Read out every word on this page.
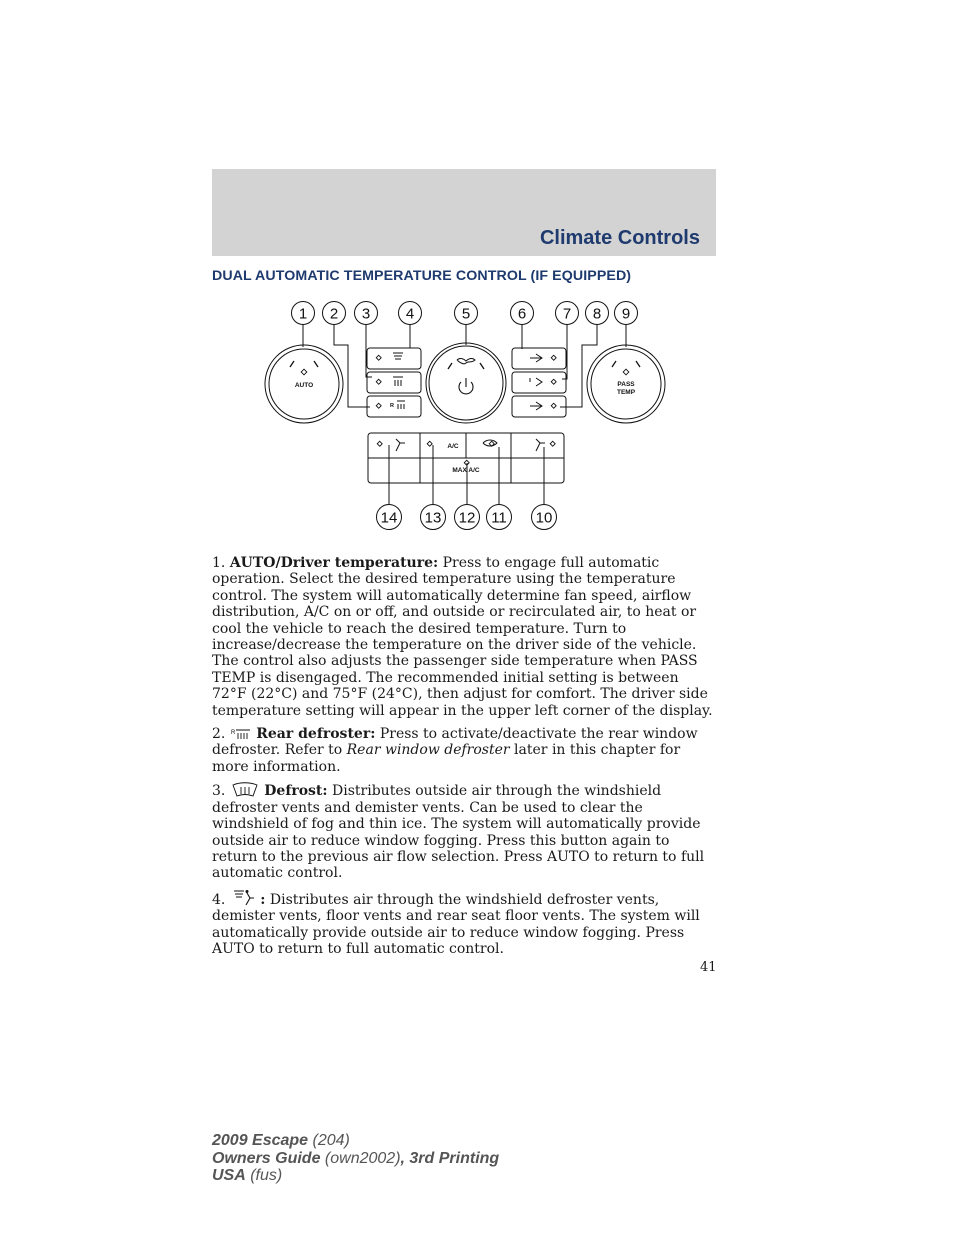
Climate Controls
DUAL AUTOMATIC TEMPERATURE CONTROL (IF EQUIPPED)
AUTO	PASS
TEMP
A/C
MAX A/C
R
1 2 3 4	5	6 7 8 9
14 13 12 11 10

1. AUTO/Driver temperature: Press to engage full automatic operation. Select the desired temperature using the temperature control. The system will automatically determine fan speed, airflow distribution, A/C on or off, and outside or recirculated air, to heat or cool the vehicle to reach the desired temperature. Turn to increase/decrease the temperature on the driver side of the vehicle. The control also adjusts the passenger side temperature when PASS TEMP is disengaged. The recommended initial setting is between 72°F (22°C) and 75°F (24°C), then adjust for comfort. The driver side temperature setting will appear in the upper left corner of the display.

2. R Rear defroster: Press to activate/deactivate the rear window defroster. Refer to Rear window defroster later in this chapter for more information.

3.	Defrost: Distributes outside air through the windshield defroster vents and demister vents. Can be used to clear the windshield of fog and thin ice. The system will automatically provide outside air to reduce window fogging. Press this button again to return to the previous air flow selection. Press AUTO to return to full automatic control.

4. : Distributes air through the windshield defroster vents, demister vents, floor vents and rear seat floor vents. The system will automatically provide outside air to reduce window fogging. Press AUTO to return to full automatic control.

41
2009 Escape (204)
Owners Guide (own2002), 3rd Printing
USA (fus)
